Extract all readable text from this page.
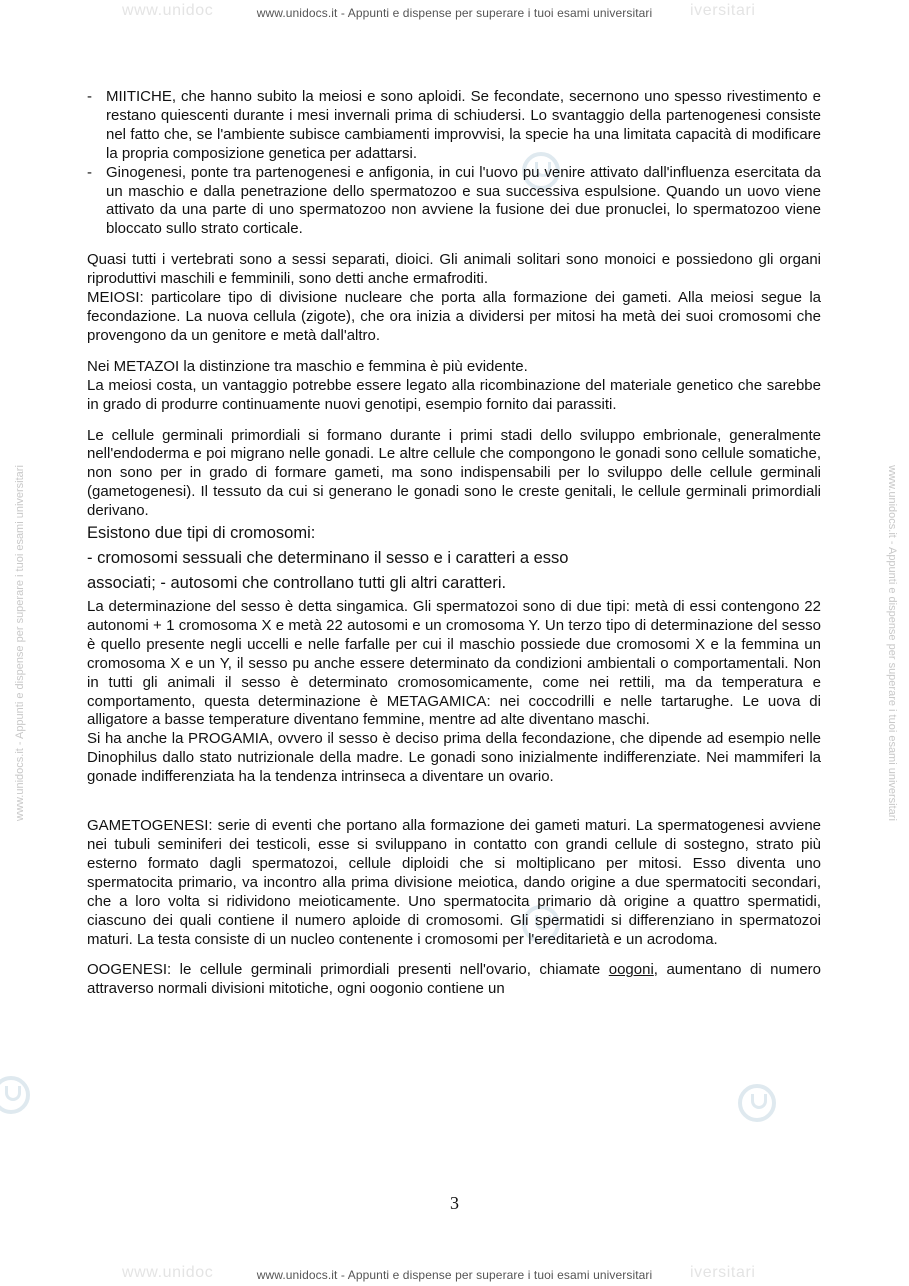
www.unidoc	iversitari
www.unidoc	iversitari
www.unidocs.it - Appunti e dispense per superare i tuoi esami universitari
www.unidocs.it - Appunti e dispense per superare i tuoi esami universitari	www.unidocs.it - Appunti e dispense per superare i tuoi esami universitari
- MIITICHE, che hanno subito la meiosi e sono aploidi. Se fecondate, secernono uno spesso rivestimento e restano quiescenti durante i mesi invernali prima di schiudersi. Lo svantaggio della partenogenesi consiste nel fatto che, se l'ambiente subisce cambiamenti improvvisi, la specie ha una limitata capacità di modificare la propria composizione genetica per adattarsi.
- Ginogenesi, ponte tra partenogenesi e anfigonia, in cui l'uovo pu venire attivato dall'influenza esercitata da un maschio e dalla penetrazione dello spermatozoo e sua successiva espulsione. Quando un uovo viene attivato da una parte di uno spermatozoo non avviene la fusione dei due pronuclei, lo spermatozoo viene bloccato sullo strato corticale.

Quasi tutti i vertebrati sono a sessi separati, dioici. Gli animali solitari sono monoici e possiedono gli organi riproduttivi maschili e femminili, sono detti anche ermafroditi.

MEIOSI: particolare tipo di divisione nucleare che porta alla formazione dei gameti. Alla meiosi segue la fecondazione. La nuova cellula (zigote), che ora inizia a dividersi per mitosi ha metà dei suoi cromosomi che provengono da un genitore e metà dall'altro.

Nei METAZOI la distinzione tra maschio e femmina è più evidente.

La meiosi costa, un vantaggio potrebbe essere legato alla ricombinazione del materiale genetico che sarebbe in grado di produrre continuamente nuovi genotipi, esempio fornito dai parassiti.

Le cellule germinali primordiali si formano durante i primi stadi dello sviluppo embrionale, generalmente nell'endoderma e poi migrano nelle gonadi. Le altre cellule che compongono le gonadi sono cellule somatiche, non sono per in grado di formare gameti, ma sono indispensabili per lo sviluppo delle cellule germinali (gametogenesi). Il tessuto da cui si generano le gonadi sono le creste genitali, le cellule germinali primordiali derivano.

Esistono due tipi di cromosomi:

- cromosomi sessuali che determinano il sesso e i caratteri a esso

associati; - autosomi che controllano tutti gli altri caratteri.

La determinazione del sesso è detta singamica. Gli spermatozoi sono di due tipi: metà di essi contengono 22 autonomi + 1 cromosoma X e metà 22 autosomi e un cromosoma Y. Un terzo tipo di determinazione del sesso è quello presente negli uccelli e nelle farfalle per cui il maschio possiede due cromosomi X e la femmina un cromosoma X e un Y, il sesso pu anche essere determinato da condizioni ambientali o comportamentali. Non in tutti gli animali il sesso è determinato cromosomicamente, come nei rettili, ma da temperatura e comportamento, questa determinazione è METAGAMICA: nei coccodrilli e nelle tartarughe. Le uova di alligatore a basse temperature diventano femmine, mentre ad alte diventano maschi.

Si ha anche la PROGAMIA, ovvero il sesso è deciso prima della fecondazione, che dipende ad esempio nelle Dinophilus dallo stato nutrizionale della madre. Le gonadi sono inizialmente indifferenziate. Nei mammiferi la gonade indifferenziata ha la tendenza intrinseca a diventare un ovario.

GAMETOGENESI: serie di eventi che portano alla formazione dei gameti maturi. La spermatogenesi avviene nei tubuli seminiferi dei testicoli, esse si sviluppano in contatto con grandi cellule di sostegno, strato più esterno formato dagli spermatozoi, cellule diploidi che si moltiplicano per mitosi. Esso diventa uno spermatocita primario, va incontro alla prima divisione meiotica, dando origine a due spermatociti secondari, che a loro volta si ridividono meioticamente. Uno spermatocita primario dà origine a quattro spermatidi, ciascuno dei quali contiene il numero aploide di cromosomi. Gli spermatidi si differenziano in spermatozoi maturi. La testa consiste di un nucleo contenente i cromosomi per l'ereditarietà e un acrodoma.

OOGENESI: le cellule germinali primordiali presenti nell'ovario, chiamate oogoni, aumentano di numero attraverso normali divisioni mitotiche, ogni oogonio contiene un

3
www.unidocs.it - Appunti e dispense per superare i tuoi esami universitari
